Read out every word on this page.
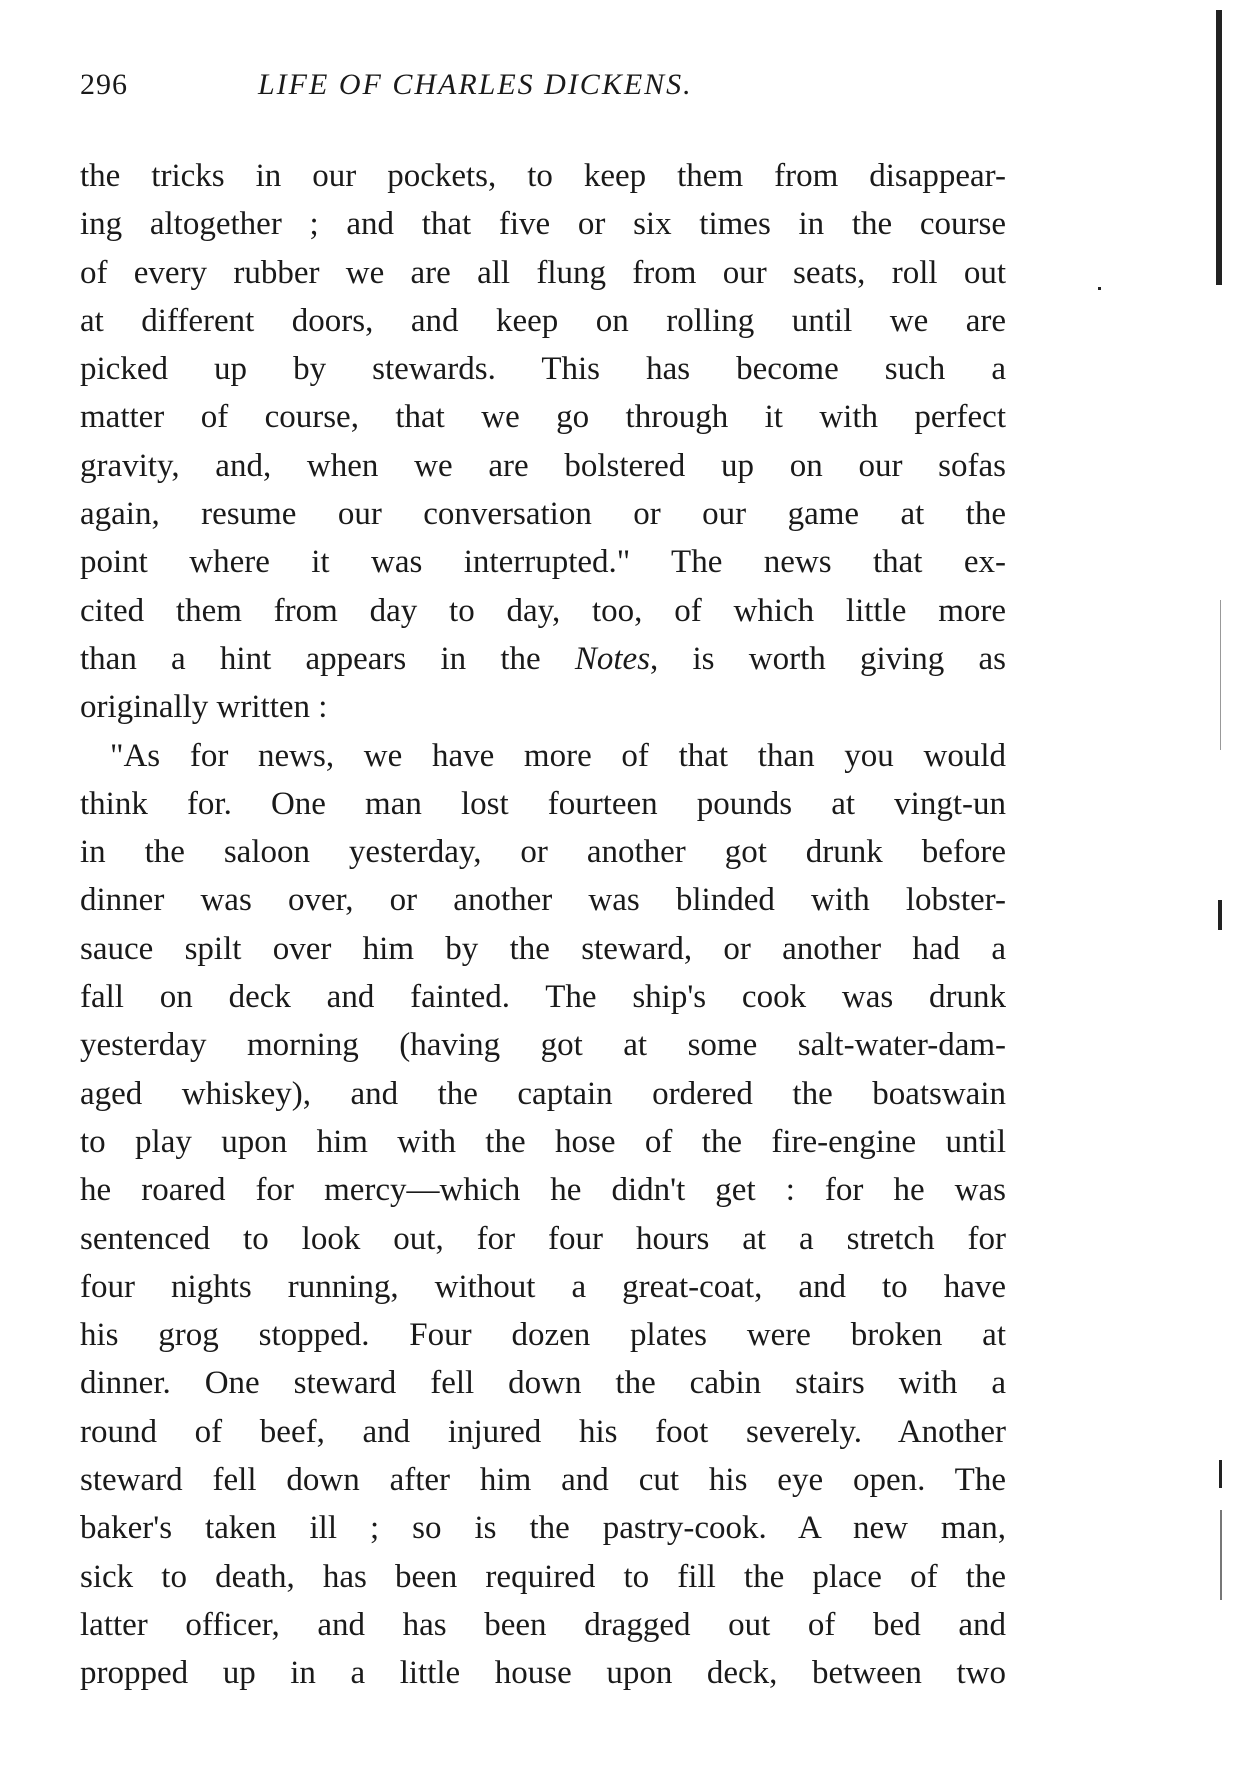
296	LIFE OF CHARLES DICKENS.
the tricks in our pockets, to keep them from disappear-
ing altogether ; and that five or six times in the course
of every rubber we are all flung from our seats, roll out
at different doors, and keep on rolling until we are
picked up by stewards. This has become such a
matter of course, that we go through it with perfect
gravity, and, when we are bolstered up on our sofas
again, resume our conversation or our game at the
point where it was interrupted." The news that ex-
cited them from day to day, too, of which little more
than a hint appears in the Notes, is worth giving as
originally written :
"As for news, we have more of that than you would
think for. One man lost fourteen pounds at vingt-un
in the saloon yesterday, or another got drunk before
dinner was over, or another was blinded with lobster-
sauce spilt over him by the steward, or another had a
fall on deck and fainted. The ship's cook was drunk
yesterday morning (having got at some salt-water-dam-
aged whiskey), and the captain ordered the boatswain
to play upon him with the hose of the fire-engine until
he roared for mercy—which he didn't get : for he was
sentenced to look out, for four hours at a stretch for
four nights running, without a great-coat, and to have
his grog stopped. Four dozen plates were broken at
dinner. One steward fell down the cabin stairs with a
round of beef, and injured his foot severely. Another
steward fell down after him and cut his eye open. The
baker's taken ill ; so is the pastry-cook. A new man,
sick to death, has been required to fill the place of the
latter officer, and has been dragged out of bed and
propped up in a little house upon deck, between two
